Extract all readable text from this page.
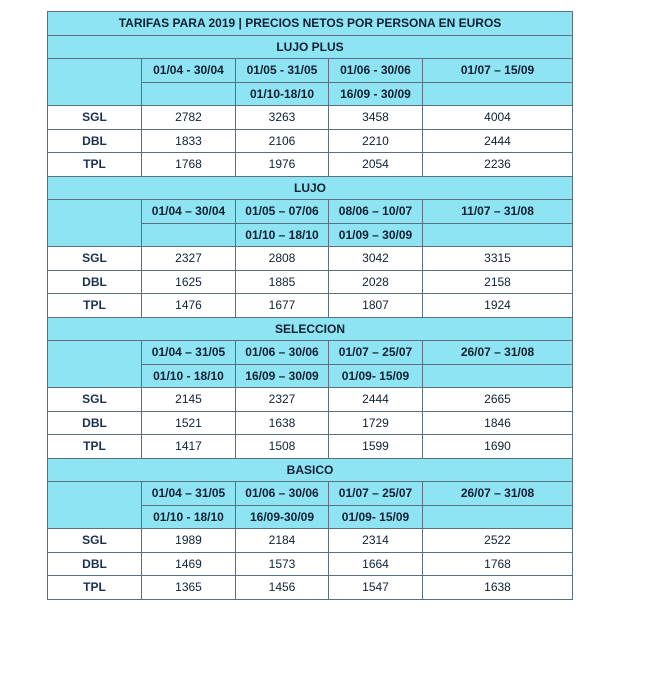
TARIFAS PARA 2019 | PRECIOS NETOS POR PERSONA EN EUROS				
LUJO PLUS				
	01/04 - 30/04	01/05 - 31/05	01/06 - 30/06	01/07 – 15/09
		01/10-18/10	16/09 - 30/09	
SGL	2782	3263	3458	4004
DBL	1833	2106	2210	2444
TPL	1768	1976	2054	2236
LUJO				
	01/04 – 30/04	01/05 – 07/06	08/06 – 10/07	11/07 – 31/08
		01/10 – 18/10	01/09 – 30/09	
SGL	2327	2808	3042	3315
DBL	1625	1885	2028	2158
TPL	1476	1677	1807	1924
SELECCION				
	01/04 – 31/05	01/06 – 30/06	01/07 – 25/07	26/07 – 31/08
	01/10 - 18/10	16/09 – 30/09	01/09- 15/09	
SGL	2145	2327	2444	2665
DBL	1521	1638	1729	1846
TPL	1417	1508	1599	1690
BASICO				
	01/04 – 31/05	01/06 – 30/06	01/07 – 25/07	26/07 – 31/08
	01/10 - 18/10	16/09-30/09	01/09- 15/09	
SGL	1989	2184	2314	2522
DBL	1469	1573	1664	1768
TPL	1365	1456	1547	1638
